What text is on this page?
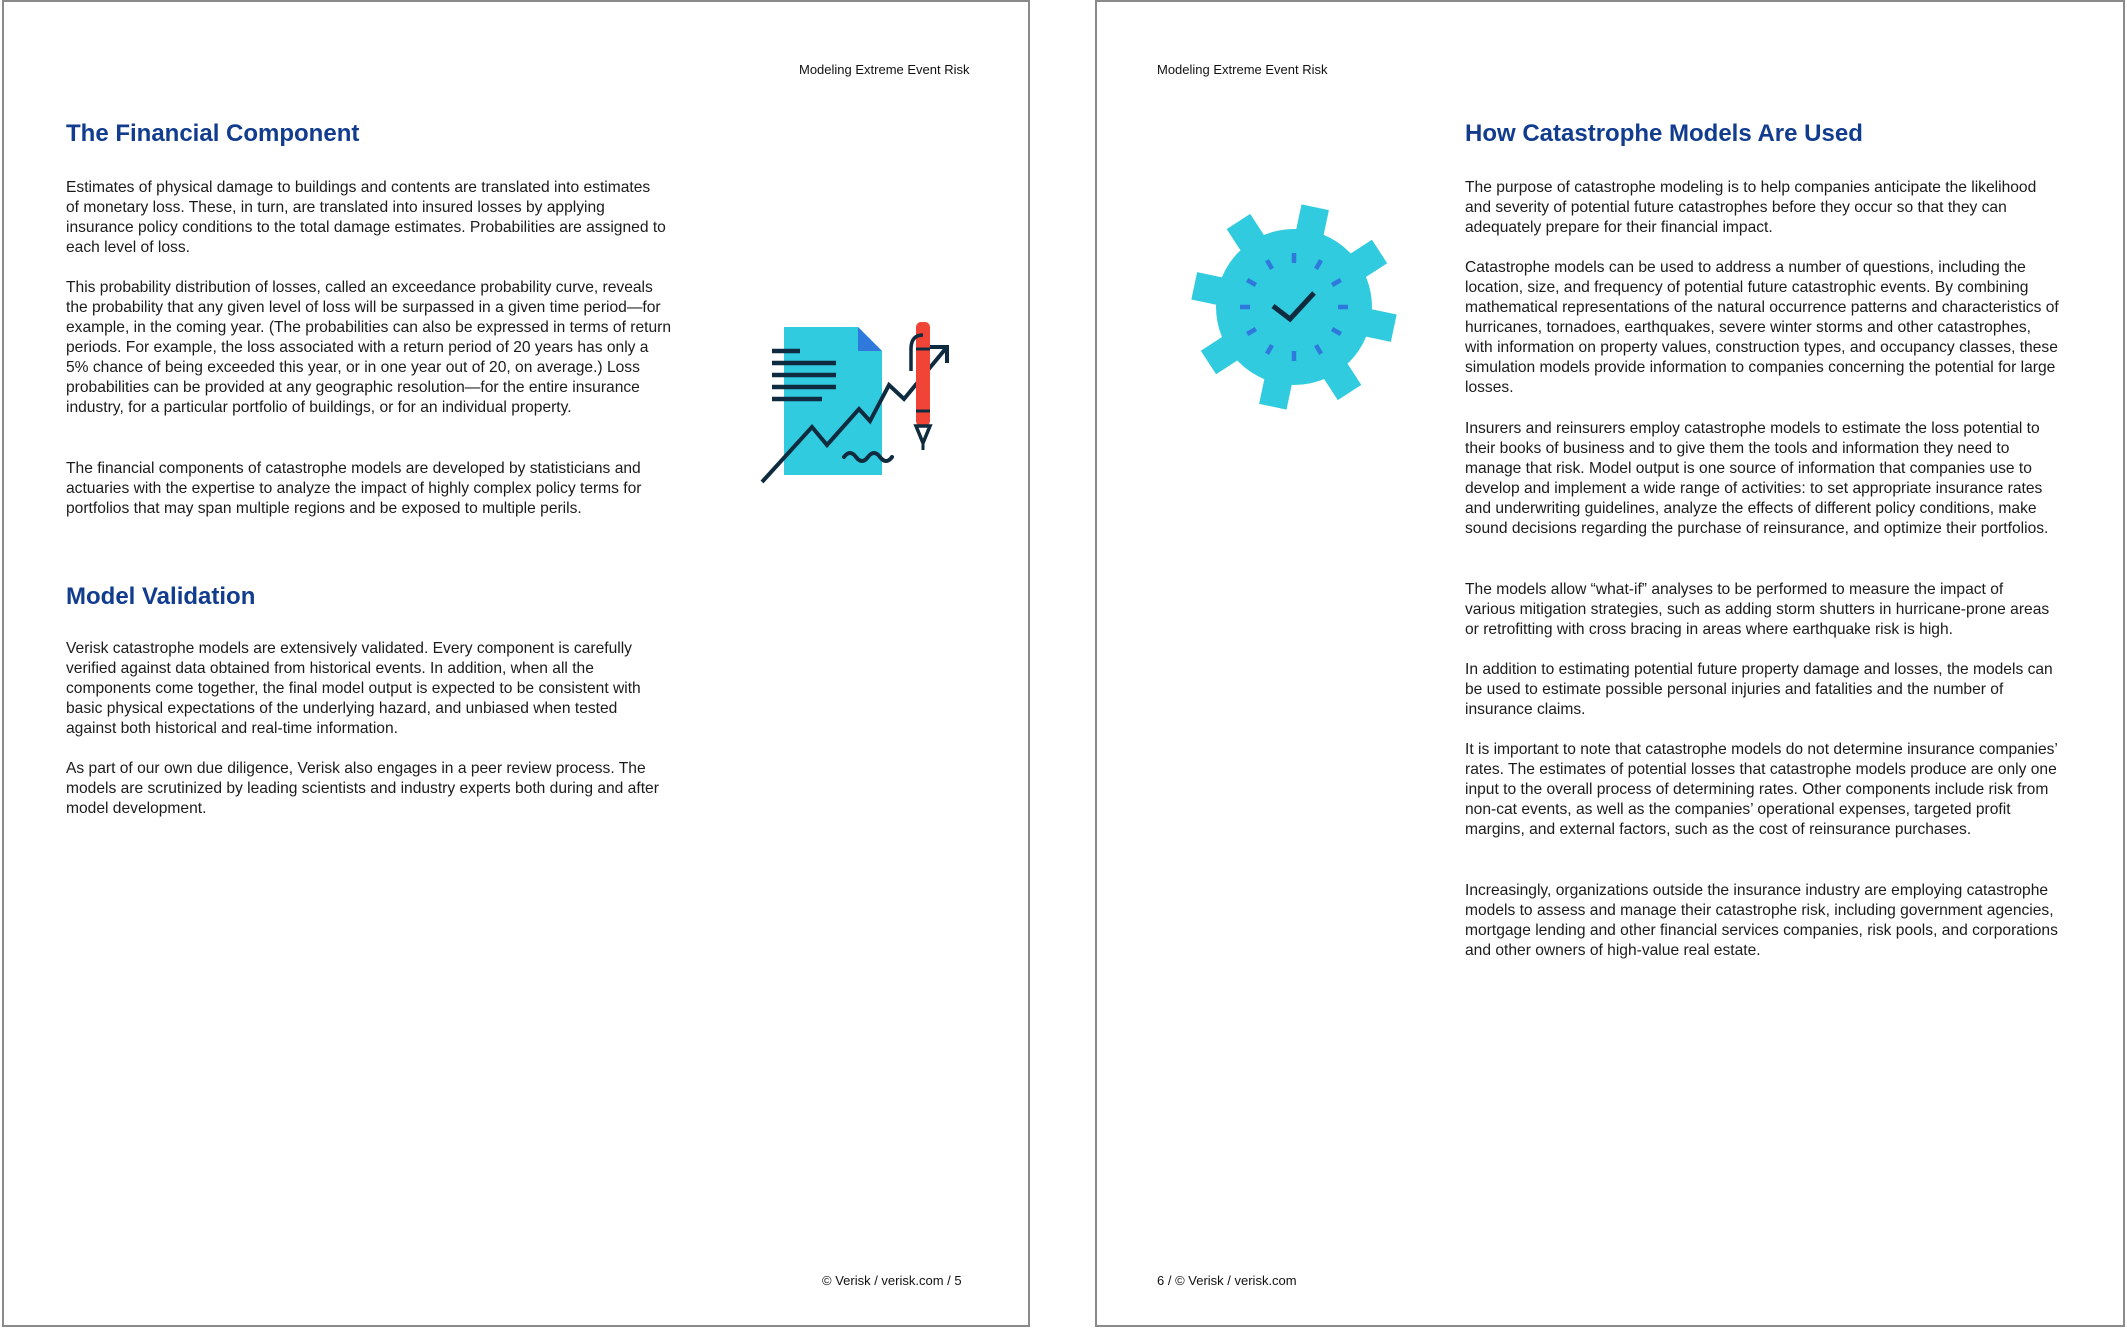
Modeling Extreme Event Risk
The Financial Component

Estimates of physical damage to buildings and contents are translated into estimates of monetary loss. These, in turn, are translated into insured losses by applying insurance policy conditions to the total damage estimates. Probabilities are assigned to each level of loss.

This probability distribution of losses, called an exceedance probability curve, reveals the probability that any given level of loss will be surpassed in a given time period—for example, in the coming year. (The probabilities can also be expressed in terms of return periods. For example, the loss associated with a return period of 20 years has only a 5% chance of being exceeded this year, or in one year out of 20, on average.) Loss probabilities can be provided at any geographic resolution—for the entire insurance industry, for a particular portfolio of buildings, or for an individual property.

The financial components of catastrophe models are developed by statisticians and actuaries with the expertise to analyze the impact of highly complex policy terms for portfolios that may span multiple regions and be exposed to multiple perils.

Model Validation

Verisk catastrophe models are extensively validated. Every component is carefully verified against data obtained from historical events. In addition, when all the components come together, the final model output is expected to be consistent with basic physical expectations of the underlying hazard, and unbiased when tested against both historical and real-time information.

As part of our own due diligence, Verisk also engages in a peer review process. The models are scrutinized by leading scientists and industry experts both during and after model development.

© Verisk / verisk.com / 5
Modeling Extreme Event Risk
How Catastrophe Models Are Used

The purpose of catastrophe modeling is to help companies anticipate the likelihood and severity of potential future catastrophes before they occur so that they can adequately prepare for their financial impact.

Catastrophe models can be used to address a number of questions, including the location, size, and frequency of potential future catastrophic events. By combining mathematical representations of the natural occurrence patterns and characteristics of hurricanes, tornadoes, earthquakes, severe winter storms and other catastrophes, with information on property values, construction types, and occupancy classes, these simulation models provide information to companies concerning the potential for large losses.

Insurers and reinsurers employ catastrophe models to estimate the loss potential to their books of business and to give them the tools and information they need to manage that risk. Model output is one source of information that companies use to develop and implement a wide range of activities: to set appropriate insurance rates and underwriting guidelines, analyze the effects of different policy conditions, make sound decisions regarding the purchase of reinsurance, and optimize their portfolios.

The models allow “what-if” analyses to be performed to measure the impact of various mitigation strategies, such as adding storm shutters in hurricane-prone areas or retrofitting with cross bracing in areas where earthquake risk is high.

In addition to estimating potential future property damage and losses, the models can be used to estimate possible personal injuries and fatalities and the number of insurance claims.

It is important to note that catastrophe models do not determine insurance companies’ rates. The estimates of potential losses that catastrophe models produce are only one input to the overall process of determining rates. Other components include risk from non-cat events, as well as the companies’ operational expenses, targeted profit margins, and external factors, such as the cost of reinsurance purchases.

Increasingly, organizations outside the insurance industry are employing catastrophe models to assess and manage their catastrophe risk, including government agencies, mortgage lending and other financial services companies, risk pools, and corporations and other owners of high-value real estate.

6 / © Verisk / verisk.com
